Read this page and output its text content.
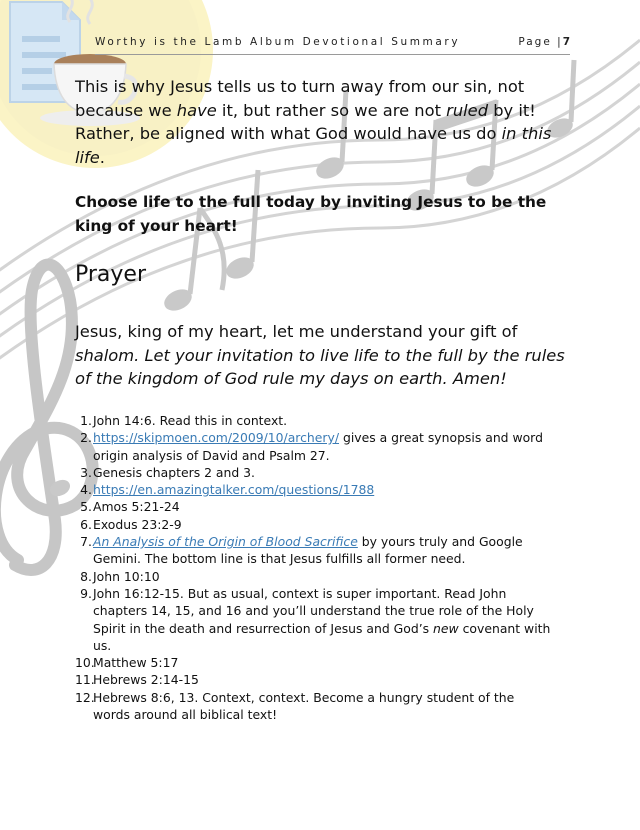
Worthy is the Lamb Album Devotional Summary	Page |7
This is why Jesus tells us to turn away from our sin, not because we have it, but rather so we are not ruled by it! Rather, be aligned with what God would have us do in this life.
Choose life to the full today by inviting Jesus to be the king of your heart!
Prayer
Jesus, king of my heart, let me understand your gift of shalom. Let your invitation to live life to the full by the rules of the kingdom of God rule my days on earth. Amen!
1. John 14:6. Read this in context.
2. https://skipmoen.com/2009/10/archery/ gives a great synopsis and word origin analysis of David and Psalm 27.
3. Genesis chapters 2 and 3.
4. https://en.amazingtalker.com/questions/1788
5. Amos 5:21-24
6. Exodus 23:2-9
7. An Analysis of the Origin of Blood Sacrifice by yours truly and Google Gemini. The bottom line is that Jesus fulfills all former need.
8. John 10:10
9. John 16:12-15. But as usual, context is super important. Read John chapters 14, 15, and 16 and you’ll understand the true role of the Holy Spirit in the death and resurrection of Jesus and God’s new covenant with us.
10.
Matthew 5:17
11.
Hebrews 2:14-15
12.
Hebrews 8:6, 13. Context, context. Become a hungry student of the words around all biblical text!
